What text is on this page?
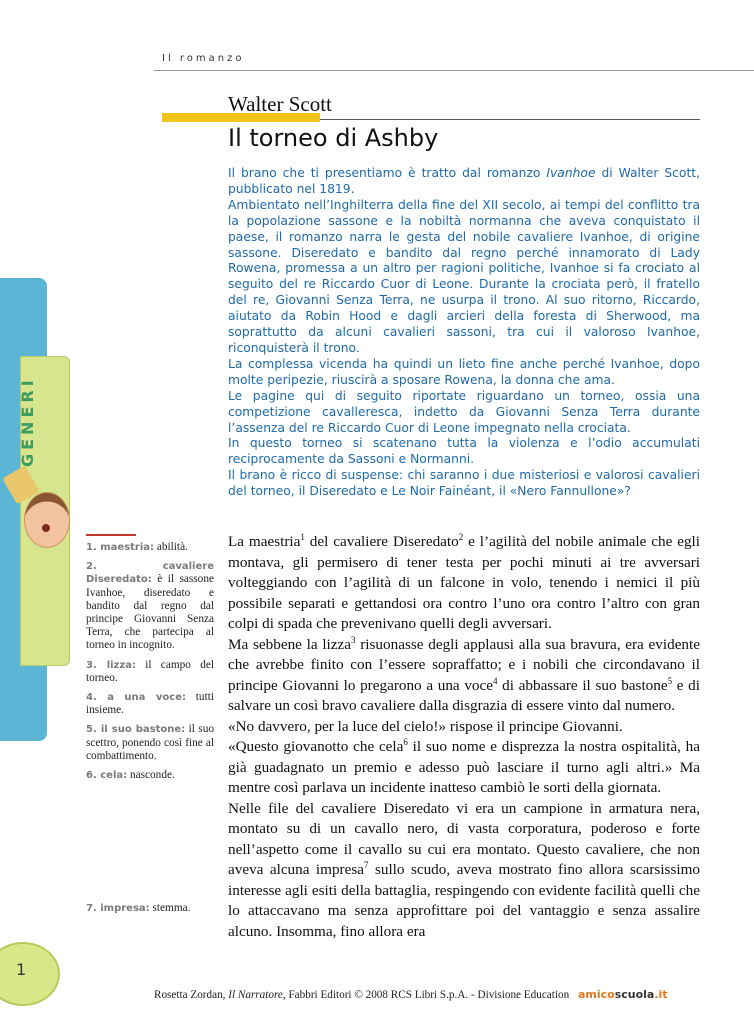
Il romanzo
GENERI
Walter Scott
Il torneo di Ashby

Il brano che ti presentiamo è tratto dal romanzo Ivanhoe di Walter Scott, pubblicato nel 1819.

Ambientato nell’Inghilterra della fine del XII secolo, ai tempi del conflitto tra la popolazione sassone e la nobiltà normanna che aveva conquistato il paese, il romanzo narra le gesta del nobile cavaliere Ivanhoe, di origine sassone. Diseredato e bandito dal regno perché innamorato di Lady Rowena, promessa a un altro per ragioni politiche, Ivanhoe si fa crociato al seguito del re Riccardo Cuor di Leone. Durante la crociata però, il fratello del re, Giovanni Senza Terra, ne usurpa il trono. Al suo ritorno, Riccardo, aiutato da Robin Hood e dagli arcieri della foresta di Sherwood, ma soprattutto da alcuni cavalieri sassoni, tra cui il valoroso Ivanhoe, riconquisterà il trono.

La complessa vicenda ha quindi un lieto fine anche perché Ivanhoe, dopo molte peripezie, riuscirà a sposare Rowena, la donna che ama.

Le pagine qui di seguito riportate riguardano un torneo, ossia una competizione cavalleresca, indetto da Giovanni Senza Terra durante l’assenza del re Riccardo Cuor di Leone impegnato nella crociata.

In questo torneo si scatenano tutta la violenza e l’odio accumulati reciprocamente da Sassoni e Normanni.

Il brano è ricco di suspense: chi saranno i due misteriosi e valorosi cavalieri del torneo, il Diseredato e Le Noir Fainéant, il «Nero Fannullone»?

1. maestria: abilità.

2. cavaliere Diseredato: è il sassone Ivanhoe, diseredato e bandito dal regno dal principe Giovanni Senza Terra, che partecipa al torneo in incognito.

3. lizza: il campo del torneo.

4. a una voce: tutti insieme.

5. il suo bastone: il suo scettro, ponendo così fine al combattimento.

6. cela: nasconde.

7. impresa: stemma.

La maestria$^1$ del cavaliere Diseredato$^2$ e l’agilità del nobile animale che egli montava, gli permisero di tener testa per pochi minuti ai tre avversari volteggiando con l’agilità di un falcone in volo, tenendo i nemici il più possibile separati e gettandosi ora contro l’uno ora contro l’altro con gran colpi di spada che prevenivano quelli degli avversari.

Ma sebbene la lizza$^3$ risuonasse degli applausi alla sua bravura, era evidente che avrebbe finito con l’essere sopraffatto; e i nobili che circondavano il principe Giovanni lo pregarono a una voce$^4$ di abbassare il suo bastone$^5$ e di salvare un così bravo cavaliere dalla disgrazia di essere vinto dal numero.

«No davvero, per la luce del cielo!» rispose il principe Giovanni.

«Questo giovanotto che cela$^6$ il suo nome e disprezza la nostra ospitalità, ha già guadagnato un premio e adesso può lasciare il turno agli altri.» Ma mentre così parlava un incidente inatteso cambiò le sorti della giornata.

Nelle file del cavaliere Diseredato vi era un campione in armatura nera, montato su di un cavallo nero, di vasta corporatura, poderoso e forte nell’aspetto come il cavallo su cui era montato. Questo cavaliere, che non aveva alcuna impresa$^7$ sullo scudo, aveva mostrato fino allora scarsissimo interesse agli esiti della battaglia, respingendo con evidente facilità quelli che lo attaccavano ma senza approfittare poi del vantaggio e senza assalire alcuno. Insomma, fino allora era

1
Rosetta Zordan, Il Narratore, Fabbri Editori © 2008 RCS Libri S.p.A. - Divisione Education amicoscuola.it
